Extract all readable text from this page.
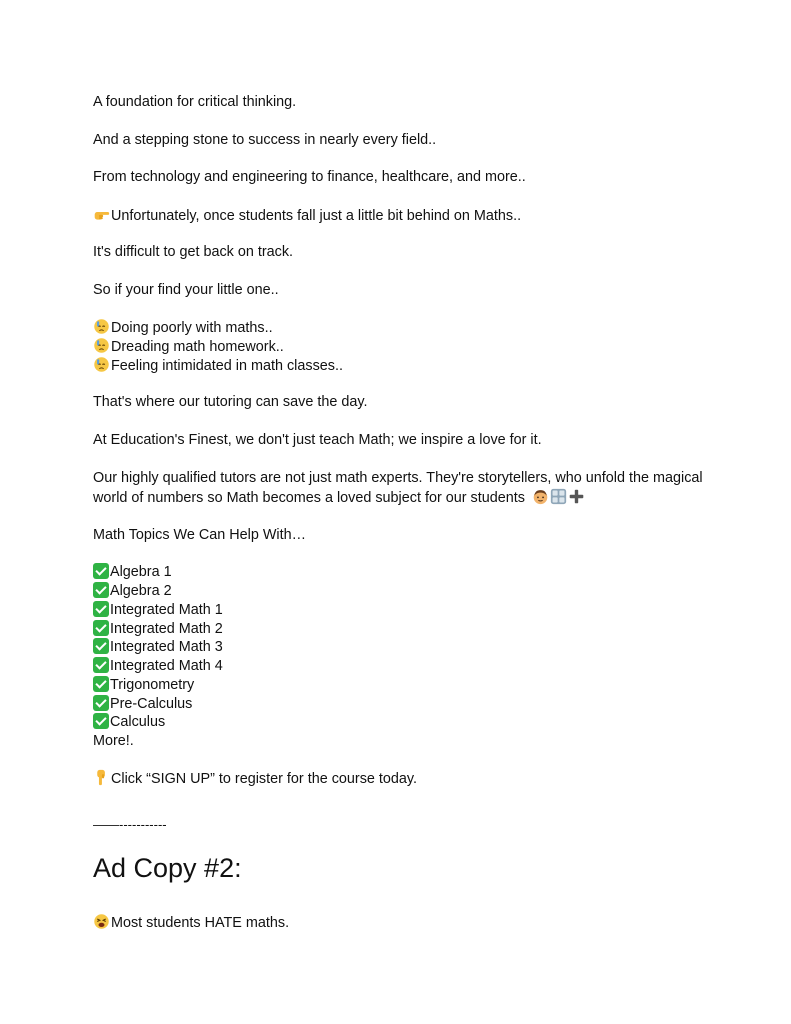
A foundation for critical thinking.
And a stepping stone to success in nearly every field..
From technology and engineering to finance, healthcare, and more..
Unfortunately, once students fall just a little bit behind on Maths..
It's difficult to get back on track.
So if your find your little one..
Doing poorly with maths..
Dreading math homework..
Feeling intimidated in math classes..
That's where our tutoring can save the day.
At Education's Finest, we don't just teach Math; we inspire a love for it.
Our highly qualified tutors are not just math experts. They're storytellers, who unfold the magical
world of numbers so Math becomes a loved subject for our students
Math Topics We Can Help With…
Algebra 1
Algebra 2
Integrated Math 1
Integrated Math 2
Integrated Math 3
Integrated Math 4
Trigonometry
Pre-Calculus
Calculus
More!.
Click “SIGN UP” to register for the course today.
——-----------
Ad Copy #2:
Most students HATE maths.
